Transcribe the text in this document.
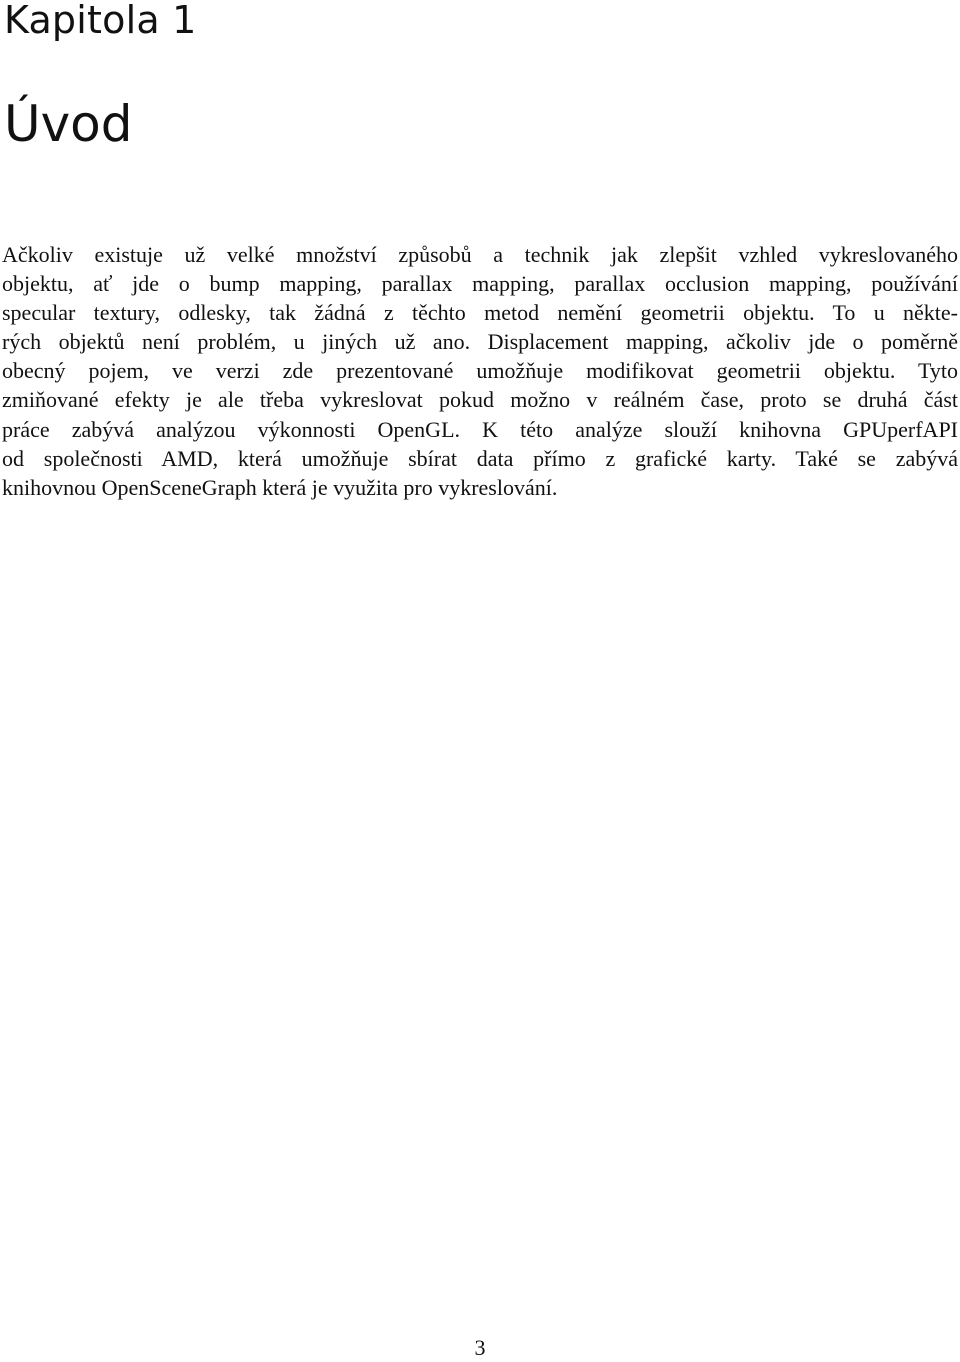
Kapitola 1
Úvod
Ačkoliv existuje už velké množství způsobů a technik jak zlepšit vzhled vykreslovaného
objektu, ať jde o bump mapping, parallax mapping, parallax occlusion mapping, používání
specular textury, odlesky, tak žádná z těchto metod nemění geometrii objektu. To u někte-
rých objektů není problém, u jiných už ano. Displacement mapping, ačkoliv jde o poměrně
obecný pojem, ve verzi zde prezentované umožňuje modifikovat geometrii objektu. Tyto
zmiňované efekty je ale třeba vykreslovat pokud možno v reálném čase, proto se druhá část
práce zabývá analýzou výkonnosti OpenGL. K této analýze slouží knihovna GPUperfAPI
od společnosti AMD, která umožňuje sbírat data přímo z grafické karty. Také se zabývá
knihovnou OpenSceneGraph která je využita pro vykreslování.
3
